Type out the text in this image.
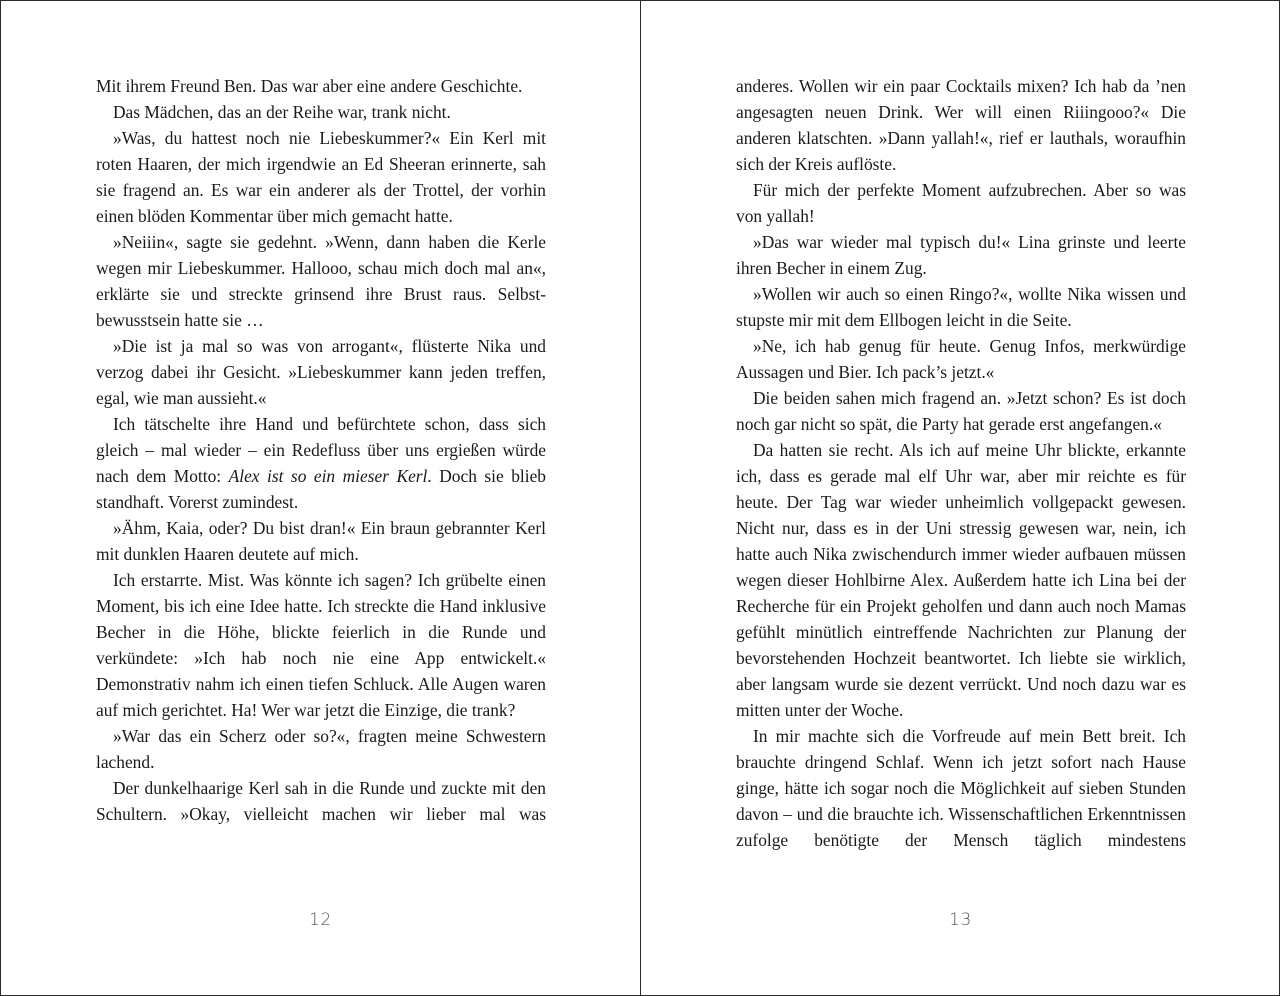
Mit ihrem Freund Ben. Das war aber eine andere Geschichte.

Das Mädchen, das an der Reihe war, trank nicht.

»Was, du hattest noch nie Liebeskummer?« Ein Kerl mit roten Haaren, der mich irgendwie an Ed Sheeran erinnerte, sah sie fragend an. Es war ein anderer als der Trottel, der vorhin einen blöden Kommentar über mich gemacht hatte.

»Neiiin«, sagte sie gedehnt. »Wenn, dann haben die Kerle wegen mir Liebeskummer. Hallooo, schau mich doch mal an«, erklärte sie und streckte grinsend ihre Brust raus. Selbstbewusstsein hatte sie …

»Die ist ja mal so was von arrogant«, flüsterte Nika und verzog dabei ihr Gesicht. »Liebeskummer kann jeden treffen, egal, wie man aussieht.«

Ich tätschelte ihre Hand und befürchtete schon, dass sich gleich – mal wieder – ein Redefluss über uns ergießen würde nach dem Motto: Alex ist so ein mieser Kerl. Doch sie blieb standhaft. Vorerst zumindest.

»Ähm, Kaia, oder? Du bist dran!« Ein braun gebrannter Kerl mit dunklen Haaren deutete auf mich.

Ich erstarrte. Mist. Was könnte ich sagen? Ich grübelte einen Moment, bis ich eine Idee hatte. Ich streckte die Hand inklusive Becher in die Höhe, blickte feierlich in die Runde und verkündete: »Ich hab noch nie eine App entwickelt.« Demonstrativ nahm ich einen tiefen Schluck. Alle Augen waren auf mich gerichtet. Ha! Wer war jetzt die Einzige, die trank?

»War das ein Scherz oder so?«, fragten meine Schwestern lachend.

Der dunkelhaarige Kerl sah in die Runde und zuckte mit den Schultern. »Okay, vielleicht machen wir lieber mal was

12

anderes. Wollen wir ein paar Cocktails mixen? Ich hab da ’nen angesagten neuen Drink. Wer will einen Riiingooo?« Die anderen klatschten. »Dann yallah!«, rief er lauthals, woraufhin sich der Kreis auflöste.

Für mich der perfekte Moment aufzubrechen. Aber so was von yallah!

»Das war wieder mal typisch du!« Lina grinste und leerte ihren Becher in einem Zug.

»Wollen wir auch so einen Ringo?«, wollte Nika wissen und stupste mir mit dem Ellbogen leicht in die Seite.

»Ne, ich hab genug für heute. Genug Infos, merkwürdige Aussagen und Bier. Ich pack’s jetzt.«

Die beiden sahen mich fragend an. »Jetzt schon? Es ist doch noch gar nicht so spät, die Party hat gerade erst angefangen.«

Da hatten sie recht. Als ich auf meine Uhr blickte, erkannte ich, dass es gerade mal elf Uhr war, aber mir reichte es für heute. Der Tag war wieder unheimlich vollgepackt gewesen. Nicht nur, dass es in der Uni stressig gewesen war, nein, ich hatte auch Nika zwischendurch immer wieder aufbauen müssen wegen dieser Hohlbirne Alex. Außerdem hatte ich Lina bei der Recherche für ein Projekt geholfen und dann auch noch Mamas gefühlt minütlich eintreffende Nachrichten zur Planung der bevorstehenden Hochzeit beantwortet. Ich liebte sie wirklich, aber langsam wurde sie dezent verrückt. Und noch dazu war es mitten unter der Woche.

In mir machte sich die Vorfreude auf mein Bett breit. Ich brauchte dringend Schlaf. Wenn ich jetzt sofort nach Hause ginge, hätte ich sogar noch die Möglichkeit auf sieben Stunden davon – und die brauchte ich. Wissenschaftlichen Erkenntnissen zufolge benötigte der Mensch täglich mindestens

13
